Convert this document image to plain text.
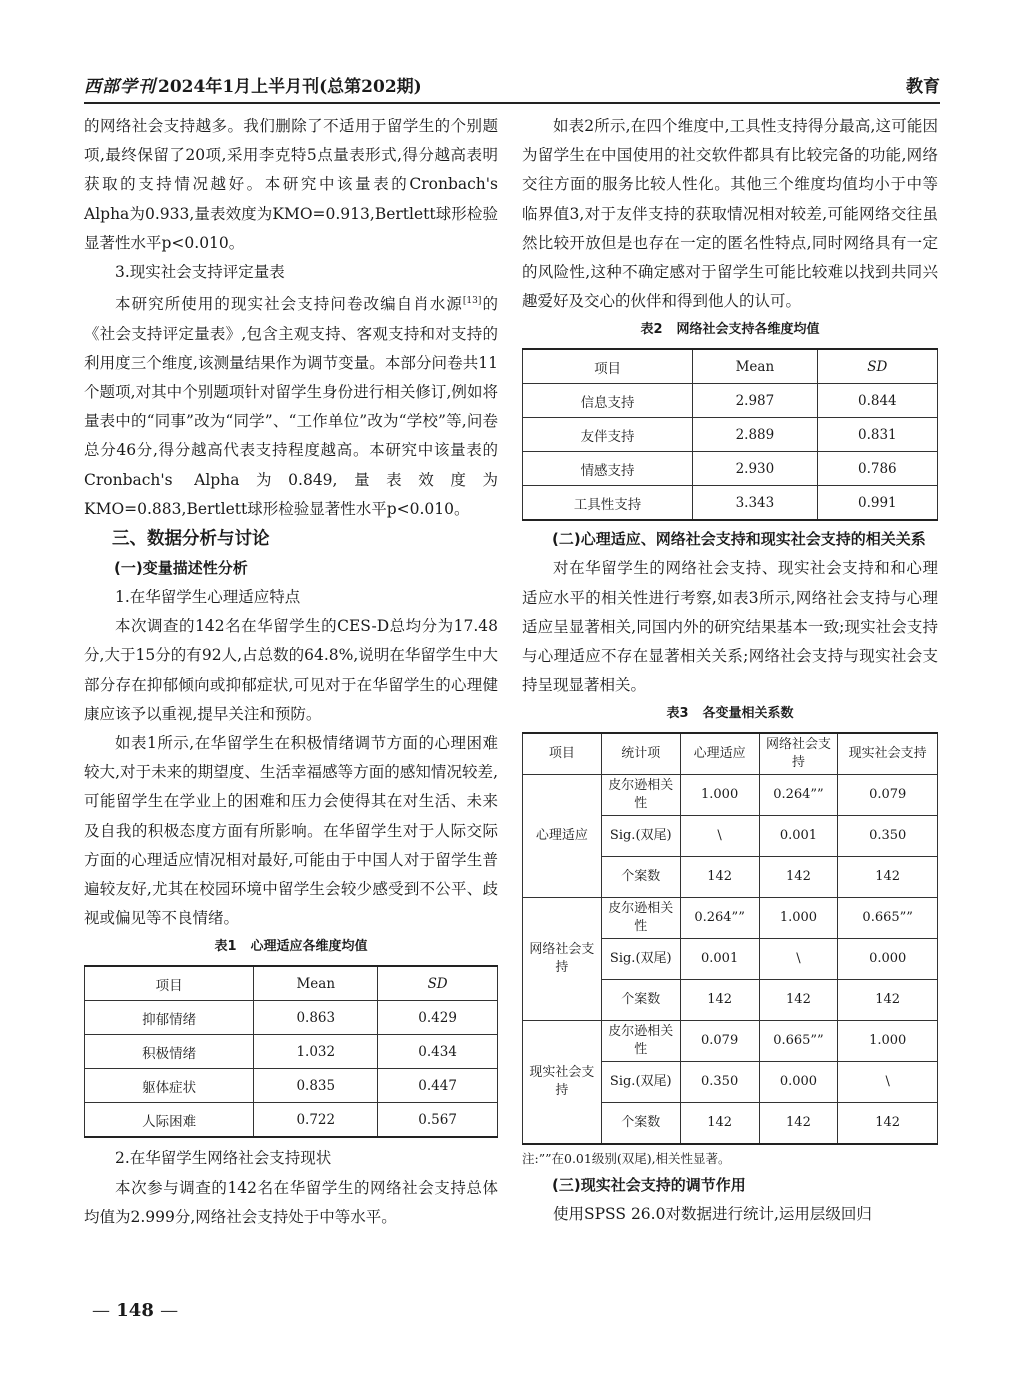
西部学刊 2024年1月上半月刊(总第202期)	教育

的网络社会支持越多。我们删除了不适用于留学生的个别题项,最终保留了20项,采用李克特5点量表形式,得分越高表明获取的支持情况越好。本研究中该量表的Cronbach's Alpha为0.933,量表效度为KMO=0.913,Bertlett球形检验显著性水平p<0.010。

3.现实社会支持评定量表

本研究所使用的现实社会支持问卷改编自肖水源[13]的《社会支持评定量表》,包含主观支持、客观支持和对支持的利用度三个维度,该测量结果作为调节变量。本部分问卷共11个题项,对其中个别题项针对留学生身份进行相关修订,例如将量表中的“同事”改为“同学”、“工作单位”改为“学校”等,问卷总分46分,得分越高代表支持程度越高。本研究中该量表的Cronbach's Alpha为0.849,量表效度为KMO=0.883,Bertlett球形检验显著性水平p<0.010。

三、数据分析与讨论
(一)变量描述性分析

1.在华留学生心理适应特点

本次调查的142名在华留学生的CES-D总均分为17.48分,大于15分的有92人,占总数的64.8%,说明在华留学生中大部分存在抑郁倾向或抑郁症状,可见对于在华留学生的心理健康应该予以重视,提早关注和预防。

如表1所示,在华留学生在积极情绪调节方面的心理困难较大,对于未来的期望度、生活幸福感等方面的感知情况较差,可能留学生在学业上的困难和压力会使得其在对生活、未来及自我的积极态度方面有所影响。在华留学生对于人际交际方面的心理适应情况相对最好,可能由于中国人对于留学生普遍较友好,尤其在校园环境中留学生会较少感受到不公平、歧视或偏见等不良情绪。

表1 心理适应各维度均值
项目	Mean	SD
抑郁情绪	0.863	0.429
积极情绪	1.032	0.434
躯体症状	0.835	0.447
人际困难	0.722	0.567

2.在华留学生网络社会支持现状

本次参与调查的142名在华留学生的网络社会支持总体均值为2.999分,网络社会支持处于中等水平。

如表2所示,在四个维度中,工具性支持得分最高,这可能因为留学生在中国使用的社交软件都具有比较完备的功能,网络交往方面的服务比较人性化。其他三个维度均值均小于中等临界值3,对于友伴支持的获取情况相对较差,可能网络交往虽然比较开放但是也存在一定的匿名性特点,同时网络具有一定的风险性,这种不确定感对于留学生可能比较难以找到共同兴趣爱好及交心的伙伴和得到他人的认可。

表2 网络社会支持各维度均值
项目	Mean	SD
信息支持	2.987	0.844
友伴支持	2.889	0.831
情感支持	2.930	0.786
工具性支持	3.343	0.991
(二)心理适应、网络社会支持和现实社会支持的相关关系

对在华留学生的网络社会支持、现实社会支持和和心理适应水平的相关性进行考察,如表3所示,网络社会支持与心理适应呈显著相关,同国内外的研究结果基本一致;现实社会支持与心理适应不存在显著相关关系;网络社会支持与现实社会支持呈现显著相关。

表3 各变量相关系数
项目	统计项	心理适应	网络社会支持	现实社会支持
心理适应	皮尔逊相关性	1.000	0.264””	0.079
	Sig.(双尾)	\	0.001	0.350
	个案数	142	142	142
网络社会支持	皮尔逊相关性	0.264””	1.000	0.665””
	Sig.(双尾)	0.001	\	0.000
	个案数	142	142	142
现实社会支持	皮尔逊相关性	0.079	0.665””	1.000
	Sig.(双尾)	0.350	0.000	\
	个案数	142	142	142
注:””在0.01级别(双尾),相关性显著。
(三)现实社会支持的调节作用

使用SPSS 26.0对数据进行统计,运用层级回归

— 148 —
